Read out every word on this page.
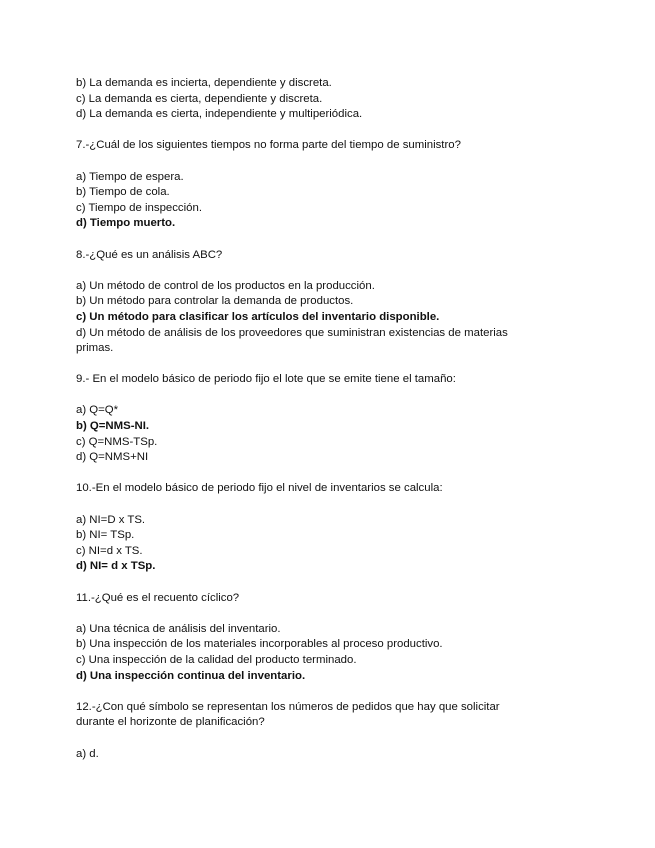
b) La demanda es incierta, dependiente y discreta.
c) La demanda es cierta, dependiente y discreta.
d) La demanda es cierta, independiente y multiperiódica.
7.-¿Cuál de los siguientes tiempos no forma parte del tiempo de suministro?
a) Tiempo de espera.
b) Tiempo de cola.
c) Tiempo de inspección.
d) Tiempo muerto.
8.-¿Qué es un análisis ABC?
a) Un método de control de los productos en la producción.
b) Un método para controlar la demanda de productos.
c) Un método para clasificar los artículos del inventario disponible.
d) Un método de análisis de los proveedores que suministran existencias de materias primas.
9.- En el modelo básico de periodo fijo el lote que se emite tiene el tamaño:
a) Q=Q*
b) Q=NMS-NI.
c) Q=NMS-TSp.
d) Q=NMS+NI
10.-En el modelo básico de periodo fijo el nivel de inventarios se calcula:
a) NI=D x TS.
b) NI= TSp.
c) NI=d x TS.
d) NI= d x TSp.
11.-¿Qué es el recuento cíclico?
a) Una técnica de análisis del inventario.
b) Una inspección de los materiales incorporables al proceso productivo.
c) Una inspección de la calidad del producto terminado.
d) Una inspección continua del inventario.
12.-¿Con qué símbolo se representan los números de pedidos que hay que solicitar durante el horizonte de planificación?
a) d.
